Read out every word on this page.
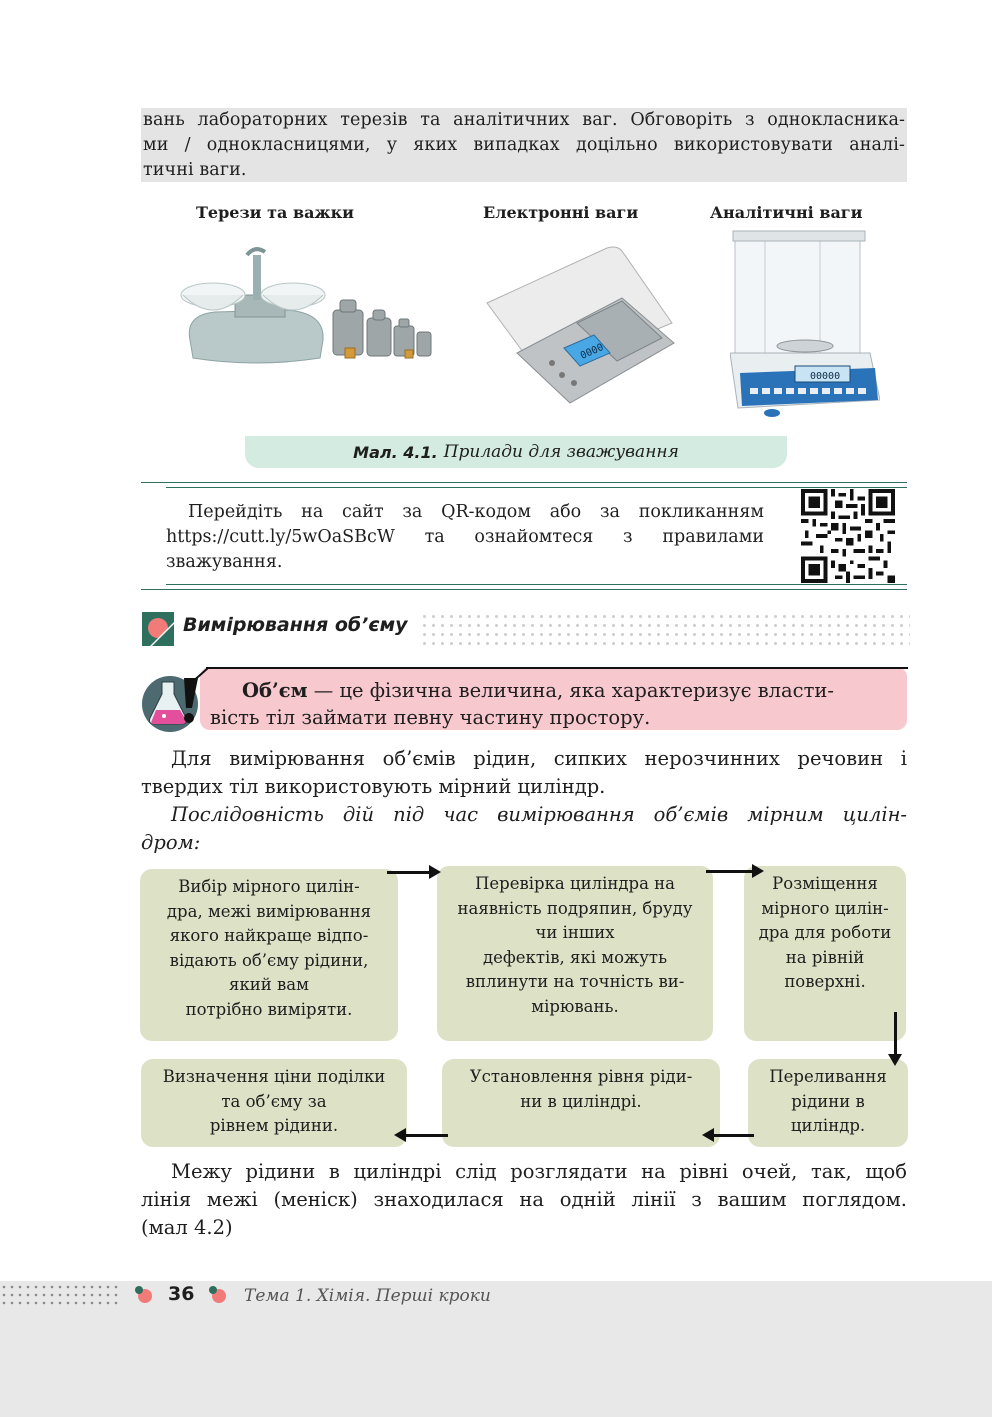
вань лабораторних терезів та аналітичних ваг. Обговоріть з однокласника-
ми / однокласницями, у яких випадках доцільно використовувати аналі-
тичні ваги.
Терези та важки	Електронні ваги	Аналітичні ваги
0000
00000
Мал. 4.1. Прилади для зважування
Перейдіть на сайт за QR-кодом або за покликанням
https://cutt.ly/5wOaSBcW та ознайомтеся з правилами
зважування.
Вимірювання об’єму
Об’єм — це фізична величина, яка характеризує власти-
вість тіл займати певну частину простору.
Для вимірювання об’ємів рідин, сипких нерозчинних речовин і
твердих тіл використовують мірний циліндр.
Послідовність дій під час вимірювання об’ємів мірним цилін-
дром:
Вибір мірного цилін-
дра, межі вимірювання
якого найкраще відпо-
відають об’єму рідини,
який вам
потрібно виміряти.
Перевірка циліндра на
наявність подряпин, бруду
чи інших
дефектів, які можуть
вплинути на точність ви-
мірювань.
Розміщення
мірного цилін-
дра для роботи
на рівній
поверхні.
Переливання
рідини в
циліндр.
Установлення рівня ріди-
ни в циліндрі.
Визначення ціни поділки
та об’єму за
рівнем рідини.
Межу рідини в циліндрі слід розглядати на рівні очей, так, щоб
лінія межі (меніск) знаходилася на одній лінії з вашим поглядом.
(мал 4.2)
36	Тема 1. Хімія. Перші кроки
